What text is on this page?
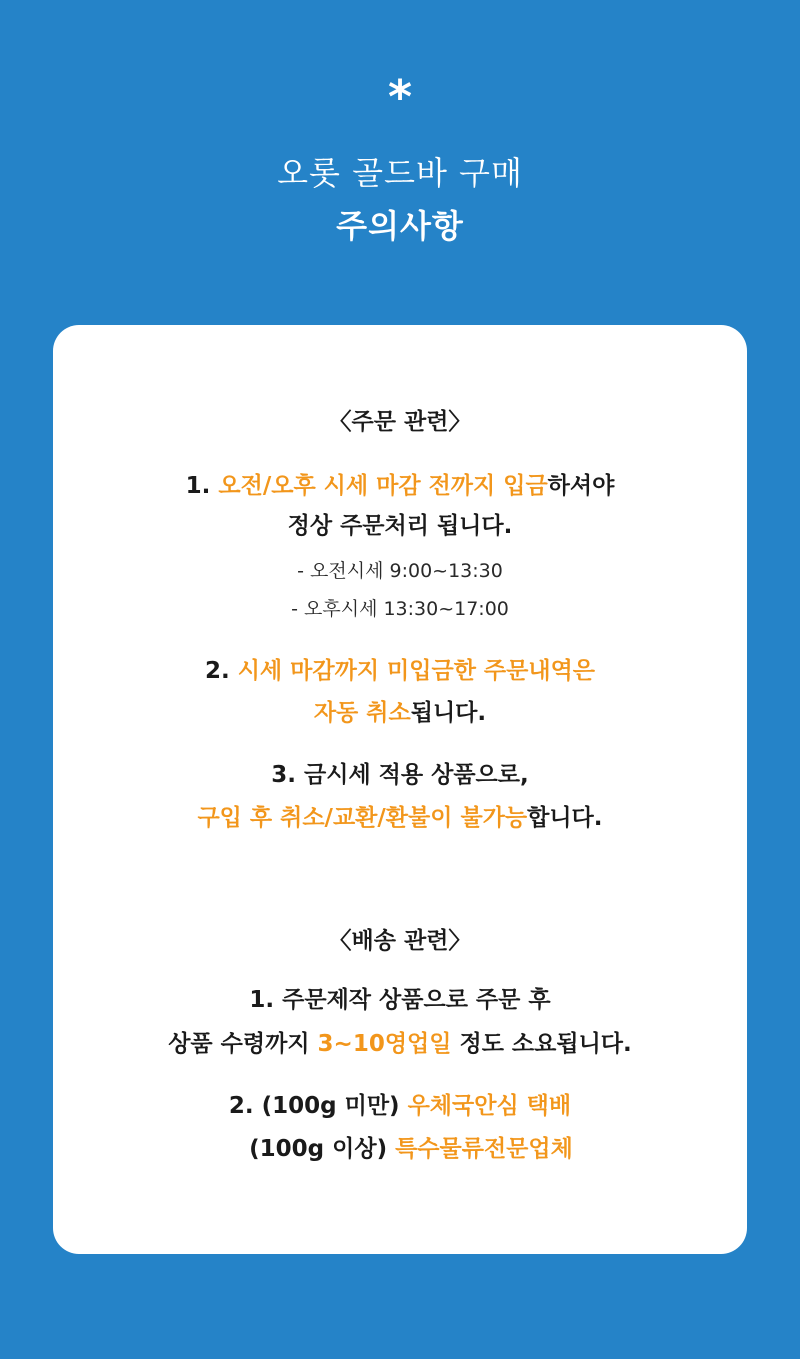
*
오롯 골드바 구매
주의사항
〈주문 관련〉
1. 오전/오후 시세 마감 전까지 입금하셔야
정상 주문처리 됩니다.
- 오전시세 9:00~13:30
- 오후시세 13:30~17:00
2. 시세 마감까지 미입금한 주문내역은
자동 취소됩니다.
3. 금시세 적용 상품으로,
구입 후 취소/교환/환불이 불가능합니다.
〈배송 관련〉
1. 주문제작 상품으로 주문 후
상품 수령까지 3~10영업일 정도 소요됩니다.
2. (100g 미만) 우체국안심 택배
(100g 이상) 특수물류전문업체
